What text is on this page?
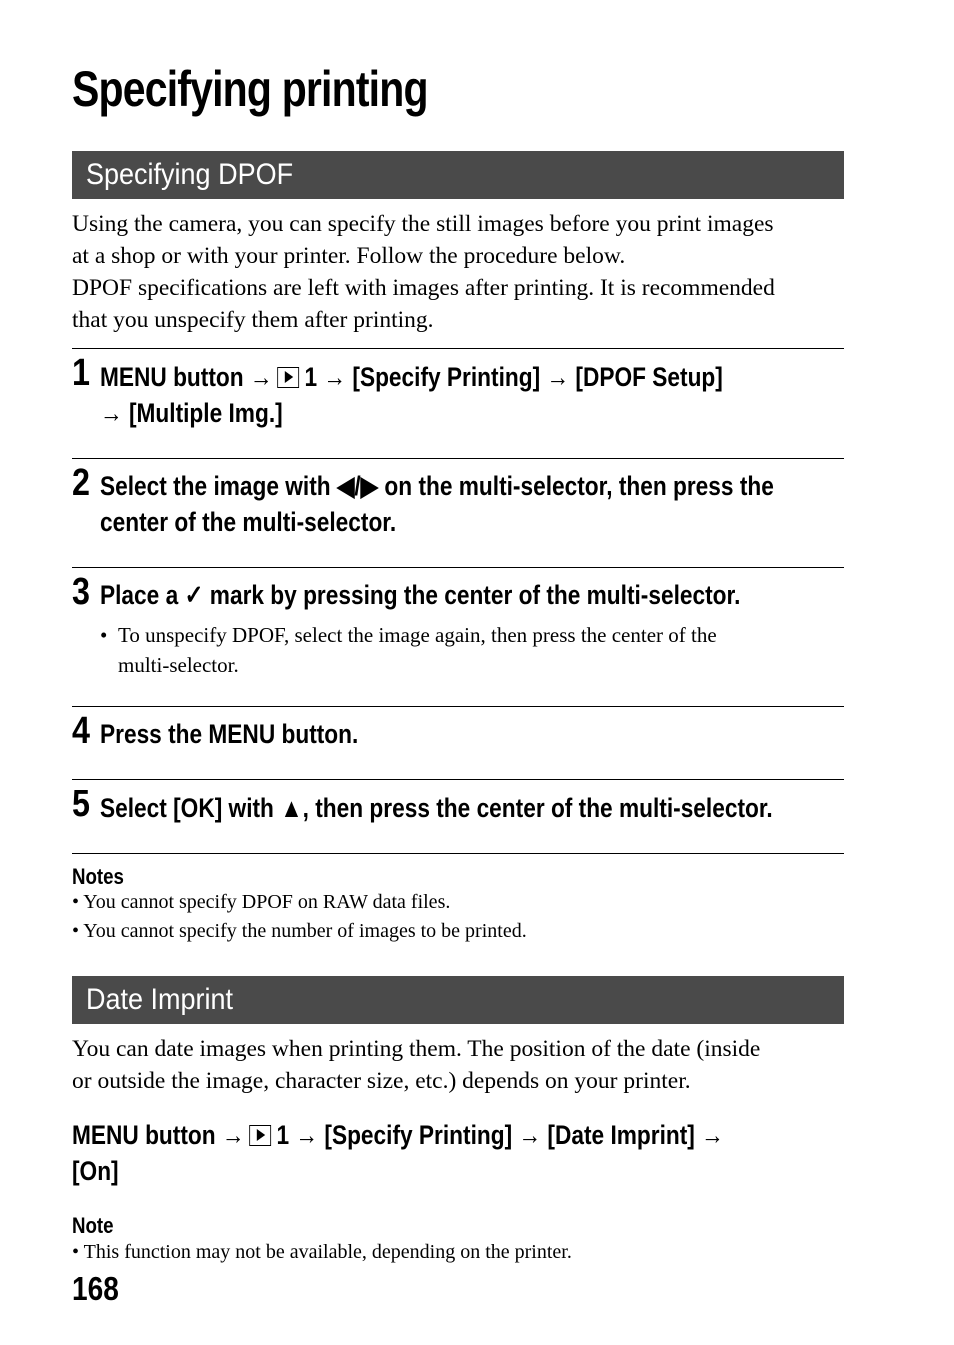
Specifying printing
Specifying DPOF
Using the camera, you can specify the still images before you print images
at a shop or with your printer. Follow the procedure below.
DPOF specifications are left with images after printing. It is recommended
that you unspecify them after printing.
1 MENU button → 1 → [Specify Printing] → [DPOF Setup]
→ [Multiple Img.]
2 Select the image with ◀/▶ on the multi-selector, then press the
center of the multi-selector.
3 Place a ✓ mark by pressing the center of the multi-selector.
• To unspecify DPOF, select the image again, then press the center of the
multi-selector.
4 Press the MENU button.
5 Select [OK] with ▲, then press the center of the multi-selector.
Notes
• You cannot specify DPOF on RAW data files.
• You cannot specify the number of images to be printed.
Date Imprint
You can date images when printing them. The position of the date (inside
or outside the image, character size, etc.) depends on your printer.
MENU button → 1 → [Specify Printing] → [Date Imprint] →
[On]
Note
• This function may not be available, depending on the printer.
168
